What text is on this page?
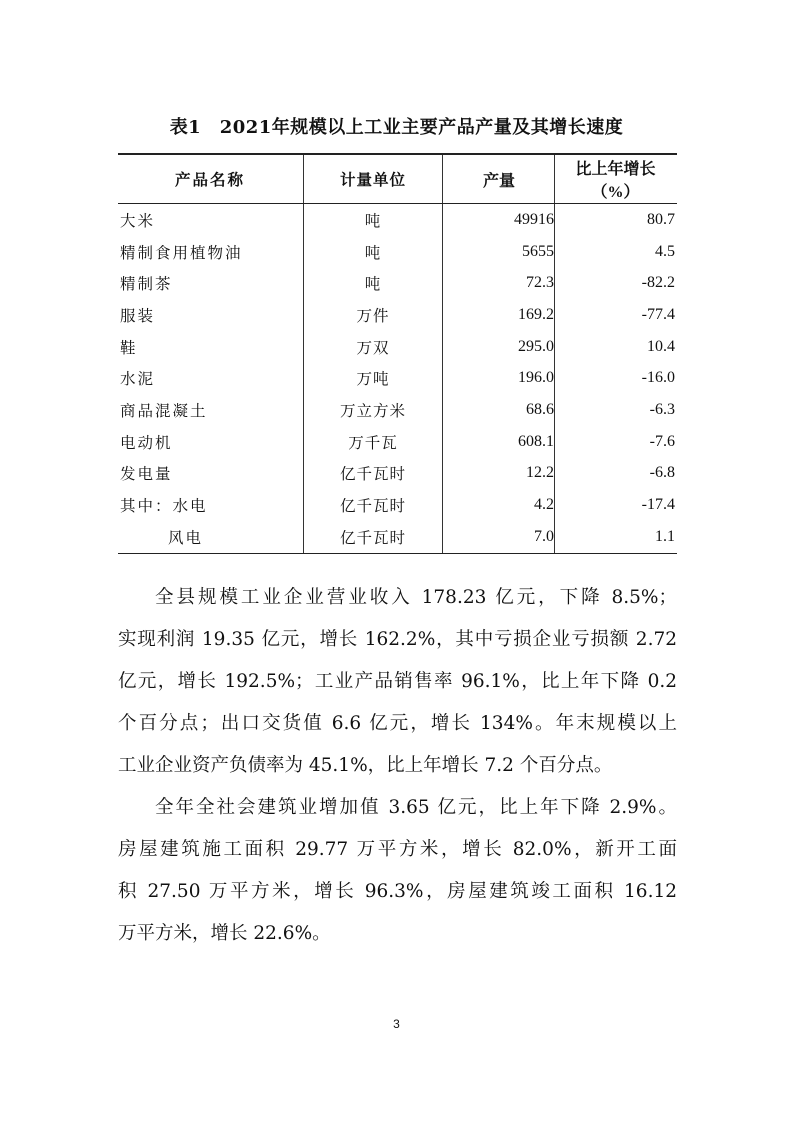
表1　2021年规模以上工业主要产品产量及其增长速度
产品名称	计量单位	产量	比上年增长（%）
大米	吨	49916	80.7
精制食用植物油	吨	5655	4.5
精制茶	吨	72.3	-82.2
服装	万件	169.2	-77.4
鞋	万双	295.0	10.4
水泥	万吨	196.0	-16.0
商品混凝土	万立方米	68.6	-6.3
电动机	万千瓦	608.1	-7.6
发电量	亿千瓦时	12.2	-6.8
其中：水电	亿千瓦时	4.2	-17.4
风电	亿千瓦时	7.0	1.1
全县规模工业企业营业收入 178.23 亿元，下降 8.5%；
实现利润 19.35 亿元，增长 162.2%，其中亏损企业亏损额 2.72
亿元，增长 192.5%；工业产品销售率 96.1%，比上年下降 0.2
个百分点；出口交货值 6.6 亿元，增长 134%。年末规模以上
工业企业资产负债率为 45.1%，比上年增长 7.2 个百分点。
全年全社会建筑业增加值 3.65 亿元，比上年下降 2.9%。
房屋建筑施工面积 29.77 万平方米，增长 82.0%，新开工面
积 27.50 万平方米，增长 96.3%，房屋建筑竣工面积 16.12
万平方米，增长 22.6%。
3
